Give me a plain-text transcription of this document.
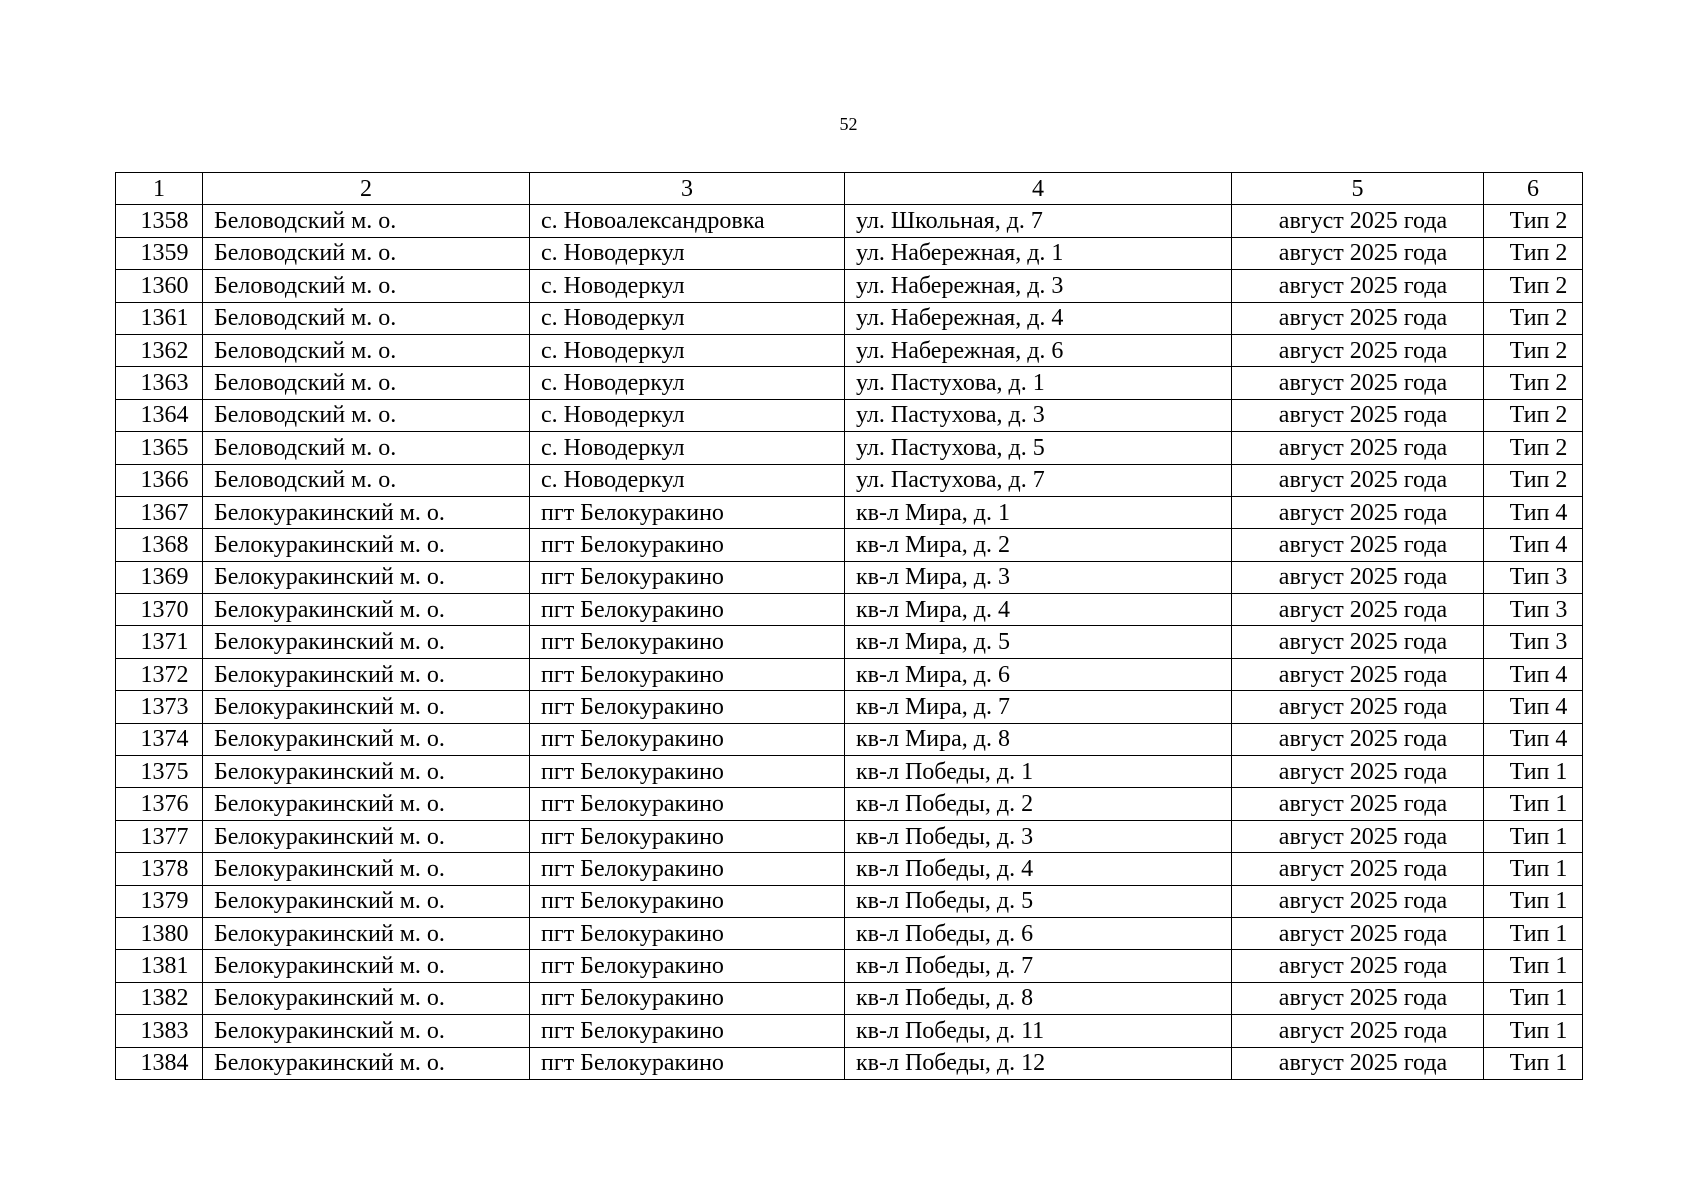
52
1	2	3	4	5	6
1358	Беловодский м. о.	с. Новоалександровка	ул. Школьная, д. 7	август 2025 года	Тип 2
1359	Беловодский м. о.	с. Новодеркул	ул. Набережная, д. 1	август 2025 года	Тип 2
1360	Беловодский м. о.	с. Новодеркул	ул. Набережная, д. 3	август 2025 года	Тип 2
1361	Беловодский м. о.	с. Новодеркул	ул. Набережная, д. 4	август 2025 года	Тип 2
1362	Беловодский м. о.	с. Новодеркул	ул. Набережная, д. 6	август 2025 года	Тип 2
1363	Беловодский м. о.	с. Новодеркул	ул. Пастухова, д. 1	август 2025 года	Тип 2
1364	Беловодский м. о.	с. Новодеркул	ул. Пастухова, д. 3	август 2025 года	Тип 2
1365	Беловодский м. о.	с. Новодеркул	ул. Пастухова, д. 5	август 2025 года	Тип 2
1366	Беловодский м. о.	с. Новодеркул	ул. Пастухова, д. 7	август 2025 года	Тип 2
1367	Белокуракинский м. о.	пгт Белокуракино	кв-л Мира, д. 1	август 2025 года	Тип 4
1368	Белокуракинский м. о.	пгт Белокуракино	кв-л Мира, д. 2	август 2025 года	Тип 4
1369	Белокуракинский м. о.	пгт Белокуракино	кв-л Мира, д. 3	август 2025 года	Тип 3
1370	Белокуракинский м. о.	пгт Белокуракино	кв-л Мира, д. 4	август 2025 года	Тип 3
1371	Белокуракинский м. о.	пгт Белокуракино	кв-л Мира, д. 5	август 2025 года	Тип 3
1372	Белокуракинский м. о.	пгт Белокуракино	кв-л Мира, д. 6	август 2025 года	Тип 4
1373	Белокуракинский м. о.	пгт Белокуракино	кв-л Мира, д. 7	август 2025 года	Тип 4
1374	Белокуракинский м. о.	пгт Белокуракино	кв-л Мира, д. 8	август 2025 года	Тип 4
1375	Белокуракинский м. о.	пгт Белокуракино	кв-л Победы, д. 1	август 2025 года	Тип 1
1376	Белокуракинский м. о.	пгт Белокуракино	кв-л Победы, д. 2	август 2025 года	Тип 1
1377	Белокуракинский м. о.	пгт Белокуракино	кв-л Победы, д. 3	август 2025 года	Тип 1
1378	Белокуракинский м. о.	пгт Белокуракино	кв-л Победы, д. 4	август 2025 года	Тип 1
1379	Белокуракинский м. о.	пгт Белокуракино	кв-л Победы, д. 5	август 2025 года	Тип 1
1380	Белокуракинский м. о.	пгт Белокуракино	кв-л Победы, д. 6	август 2025 года	Тип 1
1381	Белокуракинский м. о.	пгт Белокуракино	кв-л Победы, д. 7	август 2025 года	Тип 1
1382	Белокуракинский м. о.	пгт Белокуракино	кв-л Победы, д. 8	август 2025 года	Тип 1
1383	Белокуракинский м. о.	пгт Белокуракино	кв-л Победы, д. 11	август 2025 года	Тип 1
1384	Белокуракинский м. о.	пгт Белокуракино	кв-л Победы, д. 12	август 2025 года	Тип 1
